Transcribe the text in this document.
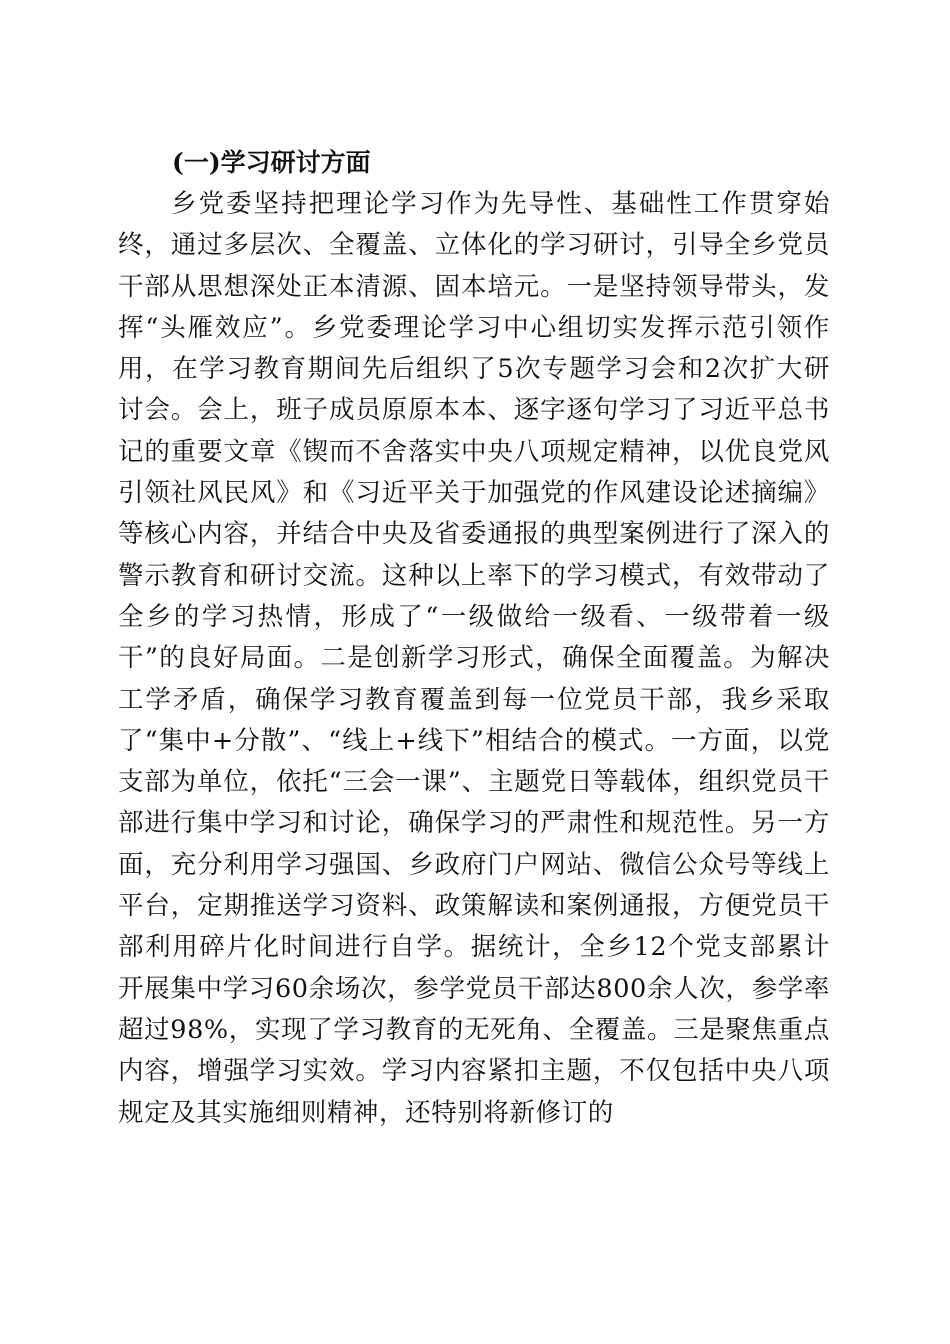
(一)学习研讨方面

乡党委坚持把理论学习作为先导性、基础性工作贯穿始终，通过多层次、全覆盖、立体化的学习研讨，引导全乡党员干部从思想深处正本清源、固本培元。一是坚持领导带头，发挥“头雁效应”。乡党委理论学习中心组切实发挥示范引领作用，在学习教育期间先后组织了5次专题学习会和2次扩大研讨会。会上，班子成员原原本本、逐字逐句学习了习近平总书记的重要文章《锲而不舍落实中央八项规定精神，以优良党风引领社风民风》和《习近平关于加强党的作风建设论述摘编》等核心内容，并结合中央及省委通报的典型案例进行了深入的警示教育和研讨交流。这种以上率下的学习模式，有效带动了全乡的学习热情，形成了“一级做给一级看、一级带着一级干”的良好局面。二是创新学习形式，确保全面覆盖。为解决工学矛盾，确保学习教育覆盖到每一位党员干部，我乡采取了“集中+分散”、“线上+线下”相结合的模式。一方面，以党支部为单位，依托“三会一课”、主题党日等载体，组织党员干部进行集中学习和讨论，确保学习的严肃性和规范性。另一方面，充分利用学习强国、乡政府门户网站、微信公众号等线上平台，定期推送学习资料、政策解读和案例通报，方便党员干部利用碎片化时间进行自学。据统计，全乡12个党支部累计开展集中学习60余场次，参学党员干部达800余人次，参学率超过98%，实现了学习教育的无死角、全覆盖。三是聚焦重点内容，增强学习实效。学习内容紧扣主题，不仅包括中央八项规定及其实施细则精神，还特别将新修订的
